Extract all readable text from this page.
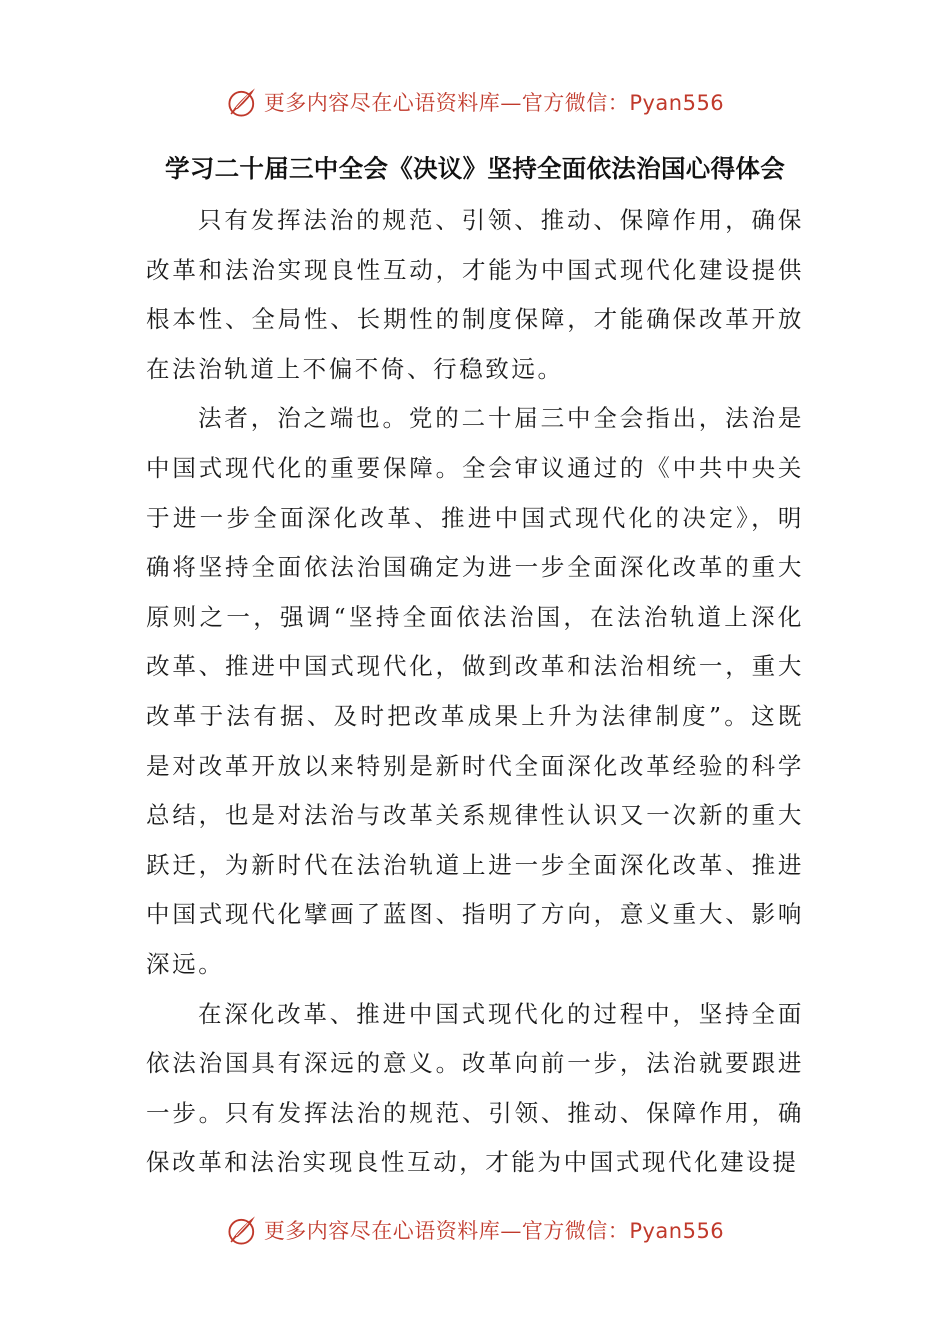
更多内容尽在心语资料库—官方微信：Pyan556
学习二十届三中全会《决议》坚持全面依法治国心得体会

只有发挥法治的规范、引领、推动、保障作用，确保改革和法治实现良性互动，才能为中国式现代化建设提供根本性、全局性、长期性的制度保障，才能确保改革开放在法治轨道上不偏不倚、行稳致远。

法者，治之端也。党的二十届三中全会指出，法治是中国式现代化的重要保障。全会审议通过的《中共中央关于进一步全面深化改革、推进中国式现代化的决定》，明确将坚持全面依法治国确定为进一步全面深化改革的重大原则之一，强调“坚持全面依法治国，在法治轨道上深化改革、推进中国式现代化，做到改革和法治相统一，重大改革于法有据、及时把改革成果上升为法律制度”。这既是对改革开放以来特别是新时代全面深化改革经验的科学总结，也是对法治与改革关系规律性认识又一次新的重大跃迁，为新时代在法治轨道上进一步全面深化改革、推进中国式现代化擘画了蓝图、指明了方向，意义重大、影响深远。

在深化改革、推进中国式现代化的过程中，坚持全面依法治国具有深远的意义。改革向前一步，法治就要跟进一步。只有发挥法治的规范、引领、推动、保障作用，确保改革和法治实现良性互动，才能为中国式现代化建设提

更多内容尽在心语资料库—官方微信：Pyan556
